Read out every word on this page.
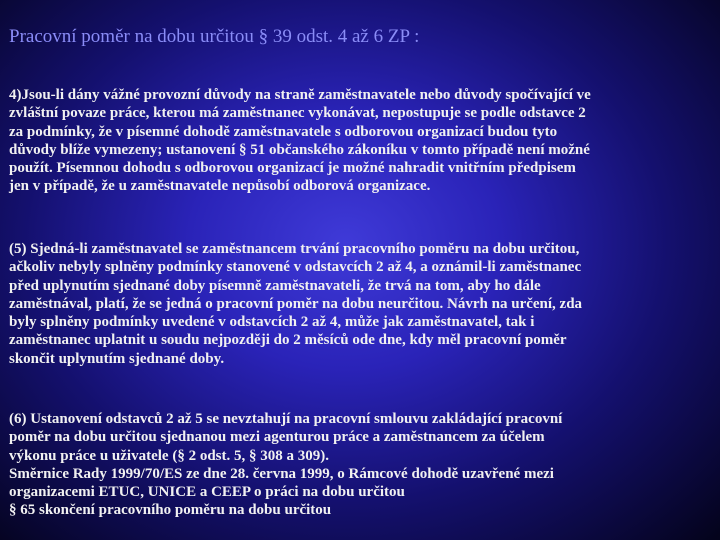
Pracovní poměr na dobu určitou § 39 odst. 4 až 6 ZP :
4)Jsou-li dány vážné provozní důvody na straně zaměstnavatele nebo důvody spočívající ve
zvláštní povaze práce, kterou má zaměstnanec vykonávat, nepostupuje se podle odstavce 2
za podmínky, že v písemné dohodě zaměstnavatele s odborovou organizací budou tyto
důvody blíže vymezeny; ustanovení § 51 občanského zákoníku v tomto případě není možné
použít. Písemnou dohodu s odborovou organizací je možné nahradit vnitřním předpisem
jen v případě, že u zaměstnavatele nepůsobí odborová organizace.
(5) Sjedná-li zaměstnavatel se zaměstnancem trvání pracovního poměru na dobu určitou,
ačkoliv nebyly splněny podmínky stanovené v odstavcích 2 až 4, a oznámil-li zaměstnanec
před uplynutím sjednané doby písemně zaměstnavateli, že trvá na tom, aby ho dále
zaměstnával, platí, že se jedná o pracovní poměr na dobu neurčitou. Návrh na určení, zda
byly splněny podmínky uvedené v odstavcích 2 až 4, může jak zaměstnavatel, tak i
zaměstnanec uplatnit u soudu nejpozději do 2 měsíců ode dne, kdy měl pracovní poměr
skončit uplynutím sjednané doby.
(6) Ustanovení odstavců 2 až 5 se nevztahují na pracovní smlouvu zakládající pracovní
poměr na dobu určitou sjednanou mezi agenturou práce a zaměstnancem za účelem
výkonu práce u uživatele (§ 2 odst. 5, § 308 a 309).
Směrnice Rady 1999/70/ES ze dne 28. června 1999, o Rámcové dohodě uzavřené mezi
organizacemi ETUC, UNICE a CEEP o práci na dobu určitou
§ 65 skončení pracovního poměru na dobu určitou
